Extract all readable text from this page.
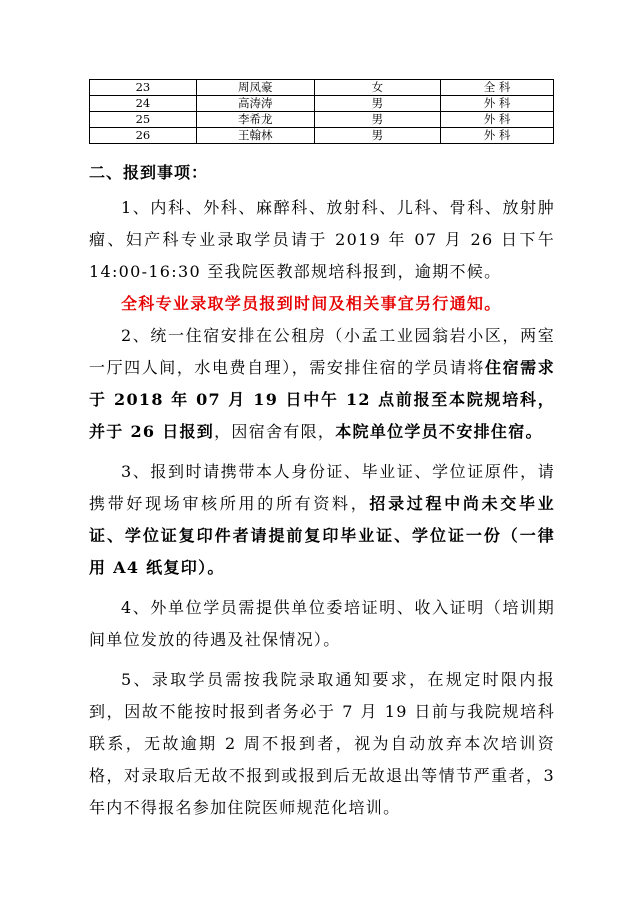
23	周凤豪	女	全 科
24	高涛涛	男	外 科
25	李希龙	男	外 科
26	王翰林	男	外 科
二、报到事项：
1、内科、外科、麻醉科、放射科、儿科、骨科、放射肿瘤、妇产科专业录取学员请于 2019 年 07 月 26 日下午 14:00-16:30 至我院医教部规培科报到，逾期不候。
全科专业录取学员报到时间及相关事宜另行通知。
2、统一住宿安排在公租房（小孟工业园翁岩小区，两室一厅四人间，水电费自理），需安排住宿的学员请将住宿需求于 2018 年 07 月 19 日中午 12 点前报至本院规培科，并于 26 日报到，因宿舍有限，本院单位学员不安排住宿。
3、报到时请携带本人身份证、毕业证、学位证原件，请携带好现场审核所用的所有资料，招录过程中尚未交毕业证、学位证复印件者请提前复印毕业证、学位证一份（一律用 A4 纸复印）。
4、外单位学员需提供单位委培证明、收入证明（培训期间单位发放的待遇及社保情况）。
5、录取学员需按我院录取通知要求，在规定时限内报到，因故不能按时报到者务必于 7 月 19 日前与我院规培科联系，无故逾期 2 周不报到者，视为自动放弃本次培训资格，对录取后无故不报到或报到后无故退出等情节严重者，3 年内不得报名参加住院医师规范化培训。
